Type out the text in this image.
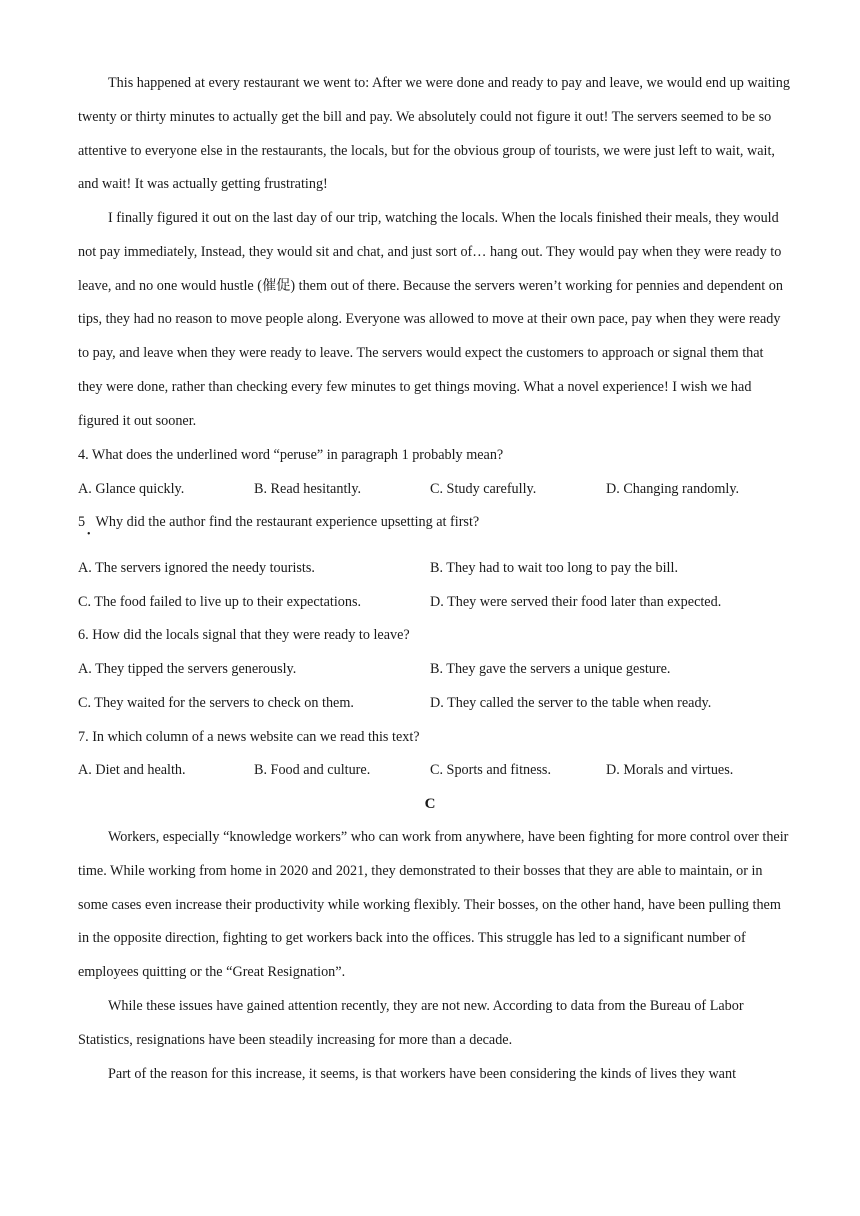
This happened at every restaurant we went to: After we were done and ready to pay and leave, we would end up waiting twenty or thirty minutes to actually get the bill and pay. We absolutely could not figure it out! The servers seemed to be so attentive to everyone else in the restaurants, the locals, but for the obvious group of tourists, we were just left to wait, wait, and wait! It was actually getting frustrating!

I finally figured it out on the last day of our trip, watching the locals. When the locals finished their meals, they would not pay immediately, Instead, they would sit and chat, and just sort of… hang out. They would pay when they were ready to leave, and no one would hustle (催促) them out of there. Because the servers weren’t working for pennies and dependent on tips, they had no reason to move people along. Everyone was allowed to move at their own pace, pay when they were ready to pay, and leave when they were ready to leave. The servers would expect the customers to approach or signal them that they were done, rather than checking every few minutes to get things moving. What a novel experience! I wish we had figured it out sooner.

4. What does the underlined word “peruse” in paragraph 1 probably mean?

A. Glance quickly.	B. Read hesitantly.	C. Study carefully.	D. Changing randomly.

5   Why did the author find the restaurant experience upsetting at first?

•

A. The servers ignored the needy tourists.	B. They had to wait too long to pay the bill.

C. The food failed to live up to their expectations.	D. They were served their food later than expected.

6. How did the locals signal that they were ready to leave?

A. They tipped the servers generously.	B. They gave the servers a unique gesture.

C. They waited for the servers to check on them.	D. They called the server to the table when ready.

7. In which column of a news website can we read this text?

A. Diet and health.	B. Food and culture.	C. Sports and fitness.	D. Morals and virtues.

C

Workers, especially “knowledge workers” who can work from anywhere, have been fighting for more control over their time. While working from home in 2020 and 2021, they demonstrated to their bosses that they are able to maintain, or in some cases even increase their productivity while working flexibly. Their bosses, on the other hand, have been pulling them in the opposite direction, fighting to get workers back into the offices. This struggle has led to a significant number of employees quitting or the “Great Resignation”.

While these issues have gained attention recently, they are not new. According to data from the Bureau of Labor Statistics, resignations have been steadily increasing for more than a decade.

Part of the reason for this increase, it seems, is that workers have been considering the kinds of lives they want
